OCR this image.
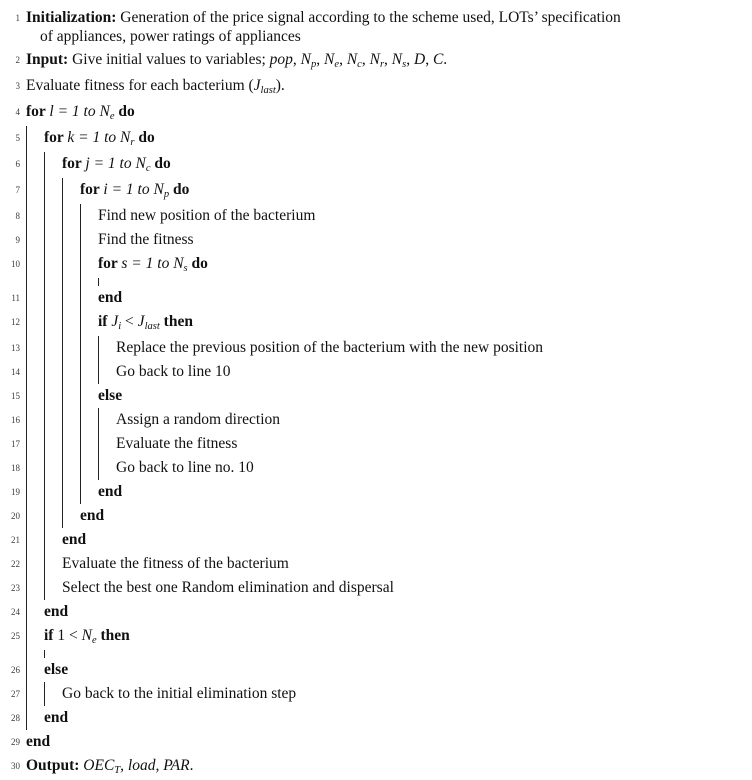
1 Initialization: Generation of the price signal according to the scheme used, LOTs’ specification
of appliances, power ratings of appliances
2 Input: Give initial values to variables; pop, $N_p$, $N_e$, $N_c$, $N_r$, $N_s$, D, C.
3 Evaluate fitness for each bacterium $(J_{last})$.
4 for l = 1 to $N_e$ do
5 for k = 1 to $N_r$ do
6	for j = 1 to $N_c$ do
7	for i = 1 to $N_p$ do
8	Find new position of the bacterium
9	Find the fitness
10	for s = 1 to $N_s$ do
11	end
12	if $J_i < J_{last}$ then
13	Replace the previous position of the bacterium with the new position
14	Go back to line 10
15	else
16	Assign a random direction
17	Evaluate the fitness
18	Go back to line no. 10
19	end
20	end
21	end
22	Evaluate the fitness of the bacterium
23	Select the best one Random elimination and dispersal
24 end
25 if $1 < N_e$ then
26 else
27	Go back to the initial elimination step
28 end
29 end
30 Output: $OEC_T$, load, PAR.
